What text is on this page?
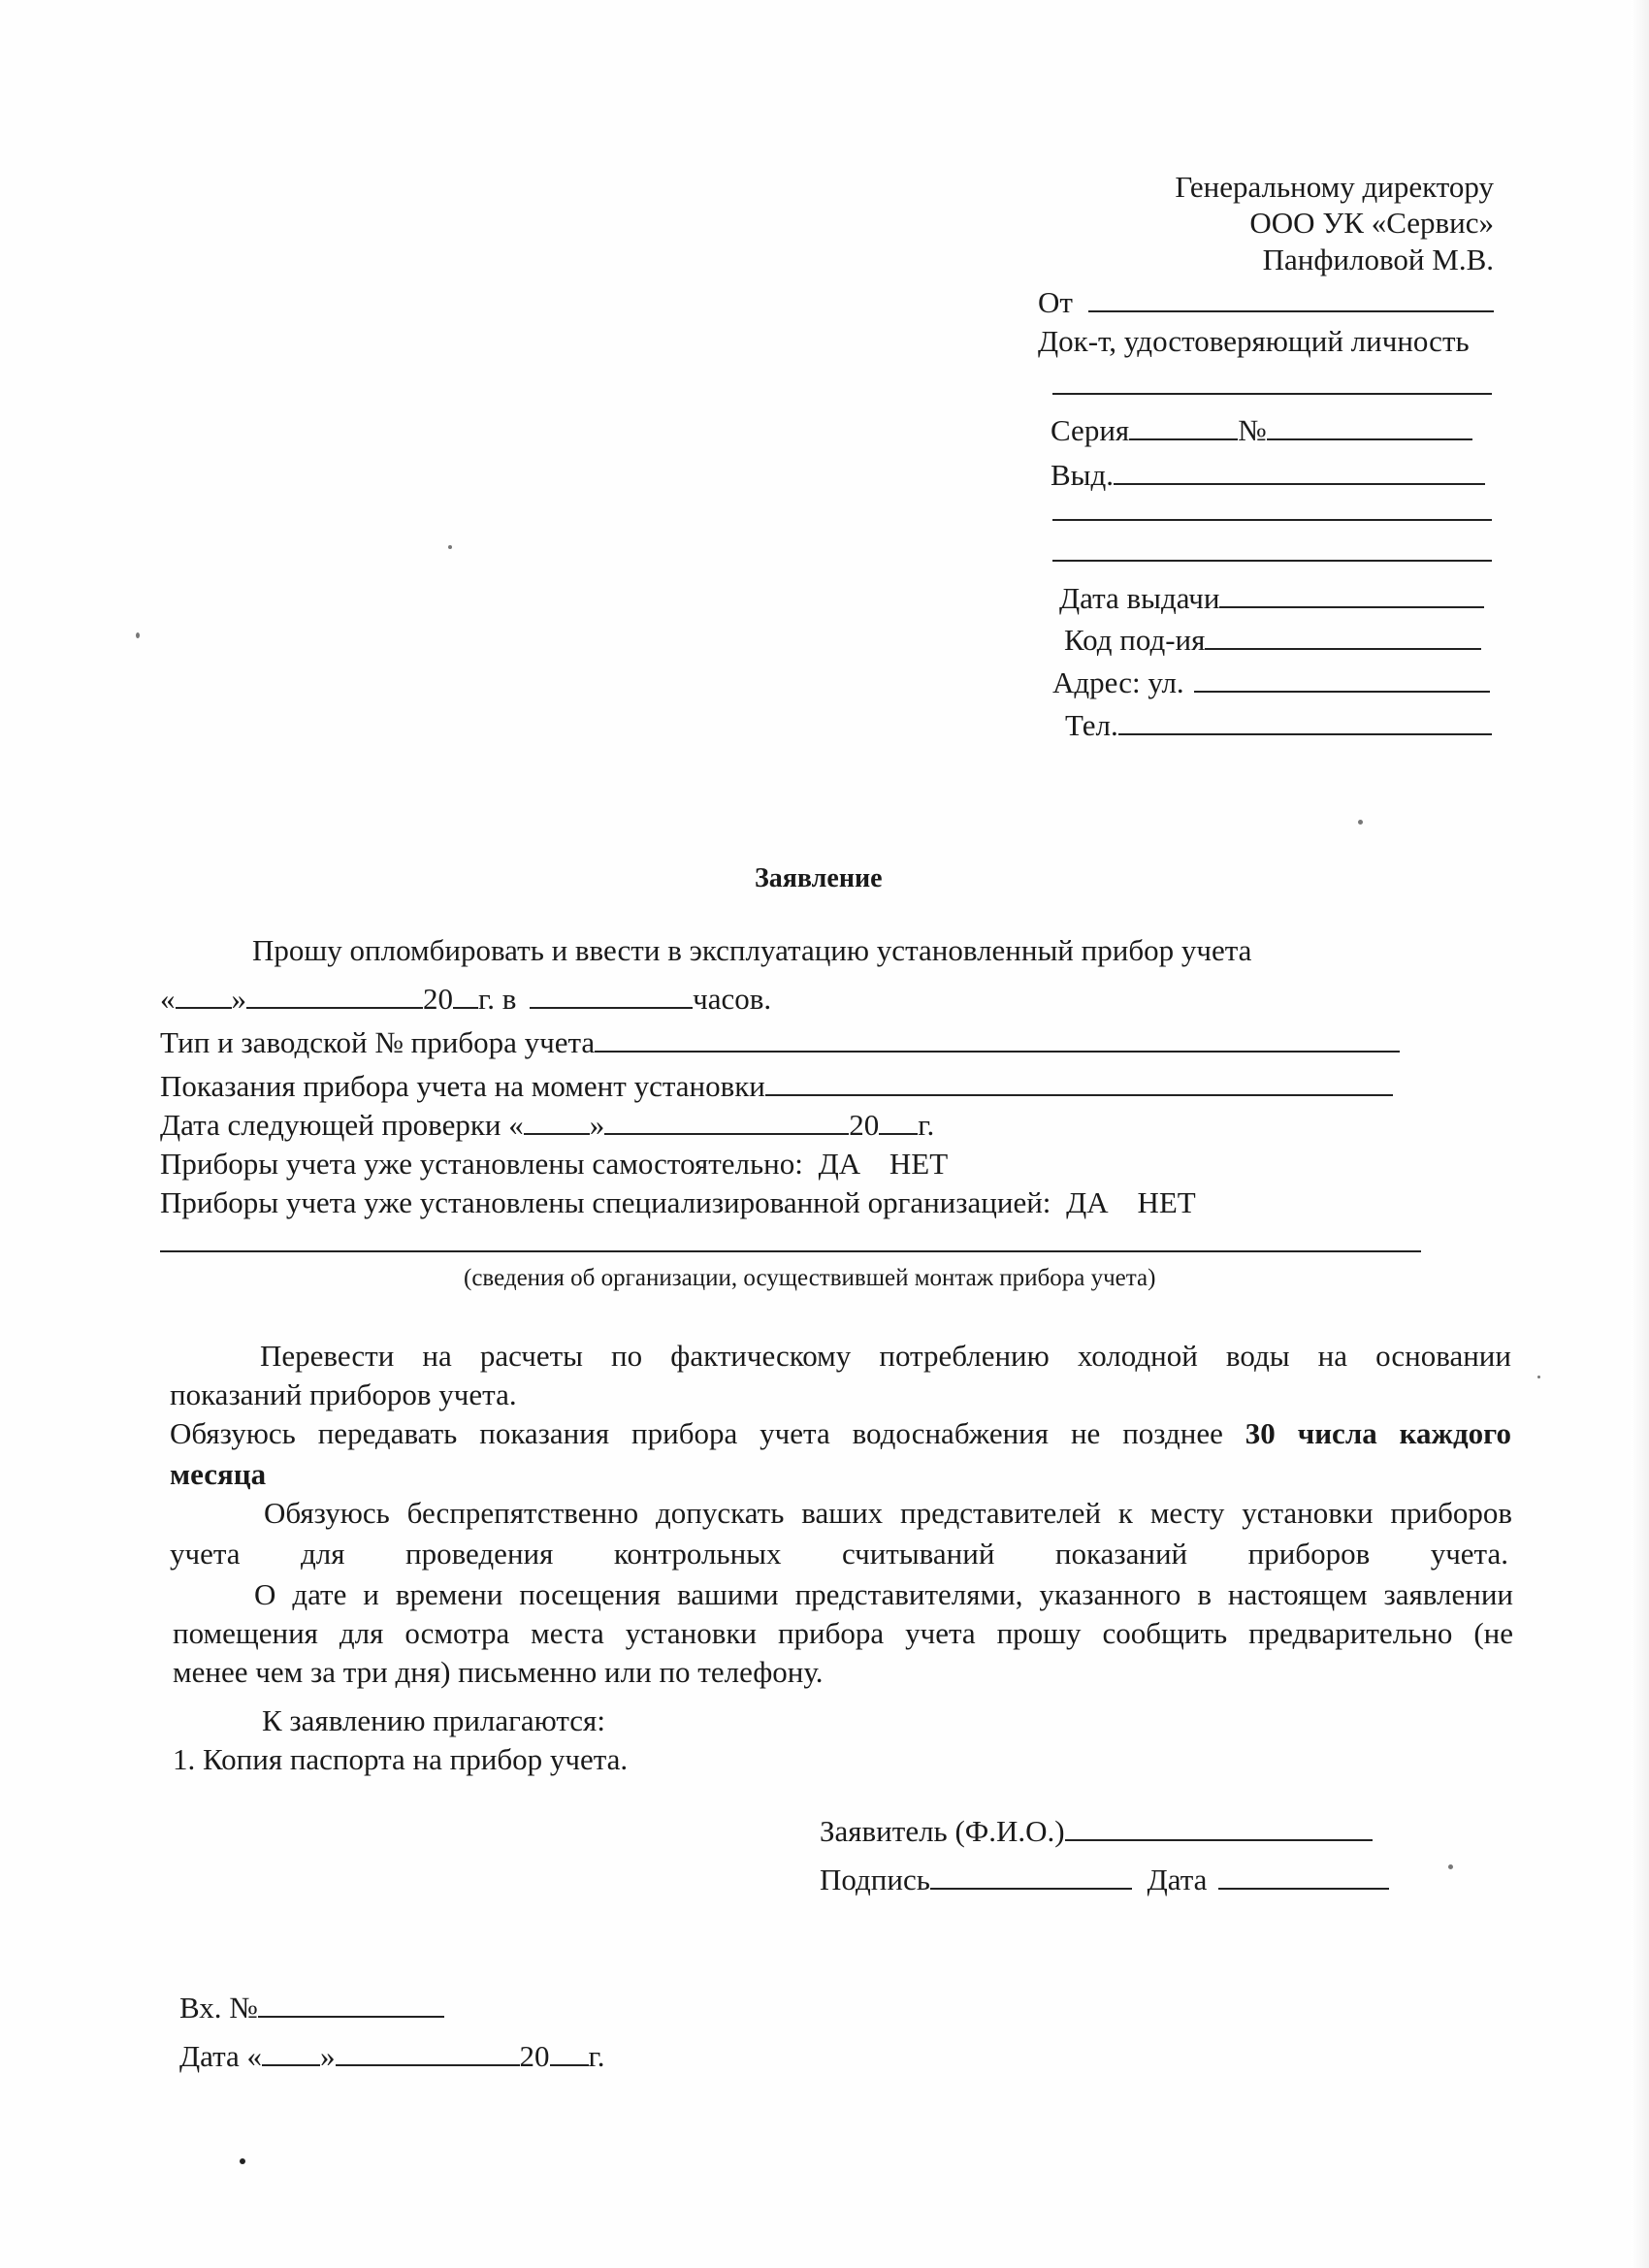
Генеральному директору
ООО УК «Сервис»
Панфиловой М.В.
От
Док-т, удостоверяющий личность
Серия	№
Выд.
Дата выдачи
Код под-ия
Адрес: ул.
Тел.
Заявление
Прошу опломбировать и ввести в эксплуатацию установленный прибор учета
« »	20 г. в	часов.
Тип и заводской № прибора учета
Показания прибора учета на момент установки
Дата следующей проверки « »	20 г.
Приборы учета уже установлены самостоятельно: ДА НЕТ
Приборы учета уже установлены специализированной организацией: ДА НЕТ
(сведения об организации, осуществившей монтаж прибора учета)
Перевести на расчеты по фактическому потреблению холодной воды на основании
показаний приборов учета.
Обязуюсь передавать показания прибора учета водоснабжения не позднее 30 числа каждого
месяца
Обязуюсь беспрепятственно допускать ваших представителей к месту установки приборов
учета для проведения контрольных считываний показаний приборов учета.
О дате и времени посещения вашими представителями, указанного в настоящем заявлении
помещения для осмотра места установки прибора учета прошу сообщить предварительно (не
менее чем за три дня) письменно или по телефону.
К заявлению прилагаются:
1. Копия паспорта на прибор учета.
Заявитель (Ф.И.О.)
Подпись	Дата
Вх. №
Дата « »	20 г.
